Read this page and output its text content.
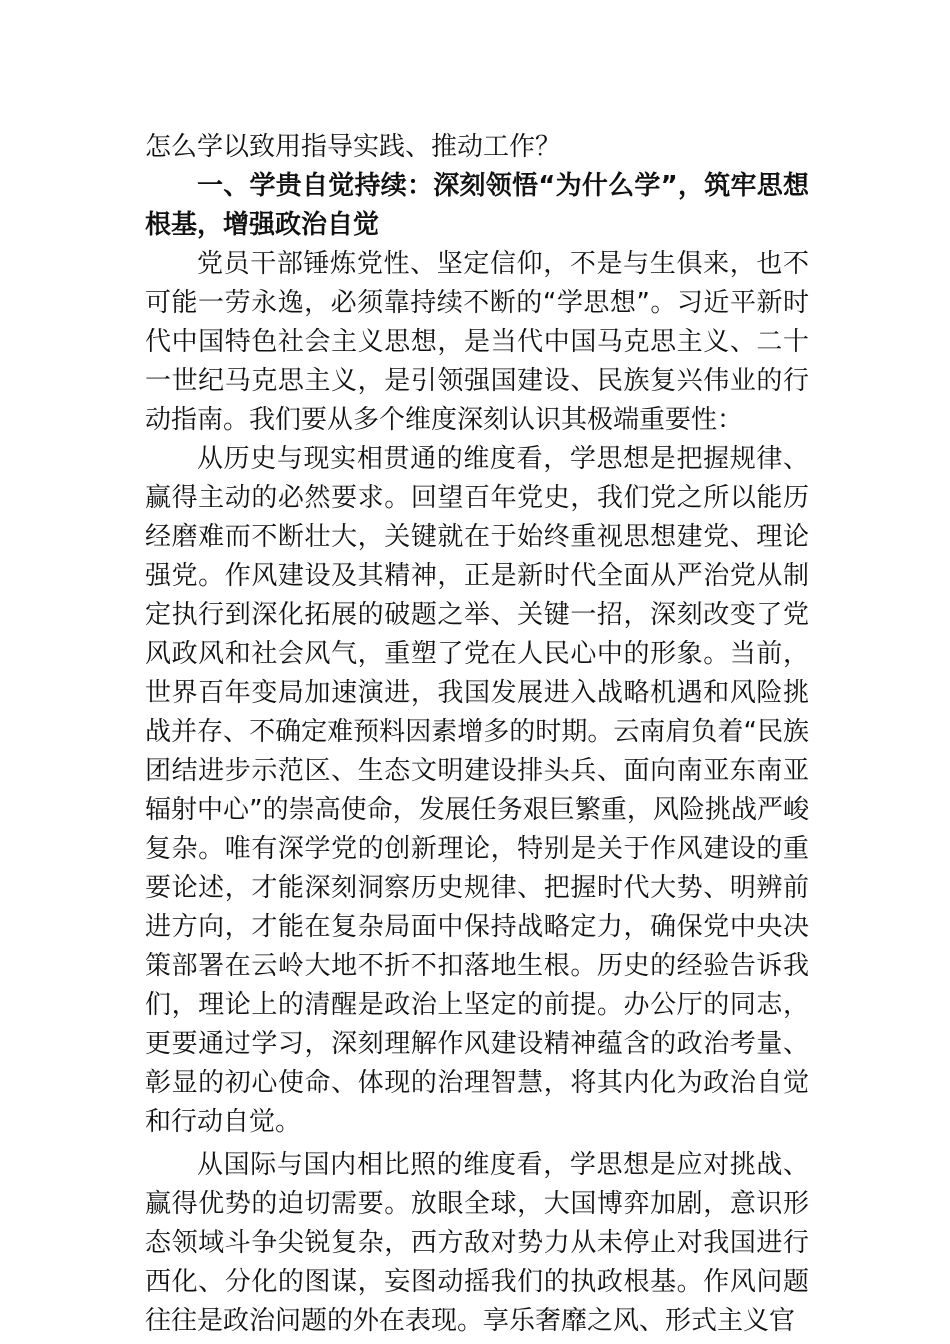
怎么学以致用指导实践、推动工作？

一、学贵自觉持续：深刻领悟“为什么学”，筑牢思想根基，增强政治自觉

党员干部锤炼党性、坚定信仰，不是与生俱来，也不可能一劳永逸，必须靠持续不断的“学思想”。习近平新时代中国特色社会主义思想，是当代中国马克思主义、二十一世纪马克思主义，是引领强国建设、民族复兴伟业的行动指南。我们要从多个维度深刻认识其极端重要性：

从历史与现实相贯通的维度看，学思想是把握规律、赢得主动的必然要求。回望百年党史，我们党之所以能历经磨难而不断壮大，关键就在于始终重视思想建党、理论强党。作风建设及其精神，正是新时代全面从严治党从制定执行到深化拓展的破题之举、关键一招，深刻改变了党风政风和社会风气，重塑了党在人民心中的形象。当前，世界百年变局加速演进，我国发展进入战略机遇和风险挑战并存、不确定难预料因素增多的时期。云南肩负着“民族团结进步示范区、生态文明建设排头兵、面向南亚东南亚辐射中心”的崇高使命，发展任务艰巨繁重，风险挑战严峻复杂。唯有深学党的创新理论，特别是关于作风建设的重要论述，才能深刻洞察历史规律、把握时代大势、明辨前进方向，才能在复杂局面中保持战略定力，确保党中央决策部署在云岭大地不折不扣落地生根。历史的经验告诉我们，理论上的清醒是政治上坚定的前提。办公厅的同志，更要通过学习，深刻理解作风建设精神蕴含的政治考量、彰显的初心使命、体现的治理智慧，将其内化为政治自觉和行动自觉。

从国际与国内相比照的维度看，学思想是应对挑战、赢得优势的迫切需要。放眼全球，大国博弈加剧，意识形态领域斗争尖锐复杂，西方敌对势力从未停止对我国进行西化、分化的图谋，妄图动摇我们的执政根基。作风问题往往是政治问题的外在表现。享乐奢靡之风、形式主义官
